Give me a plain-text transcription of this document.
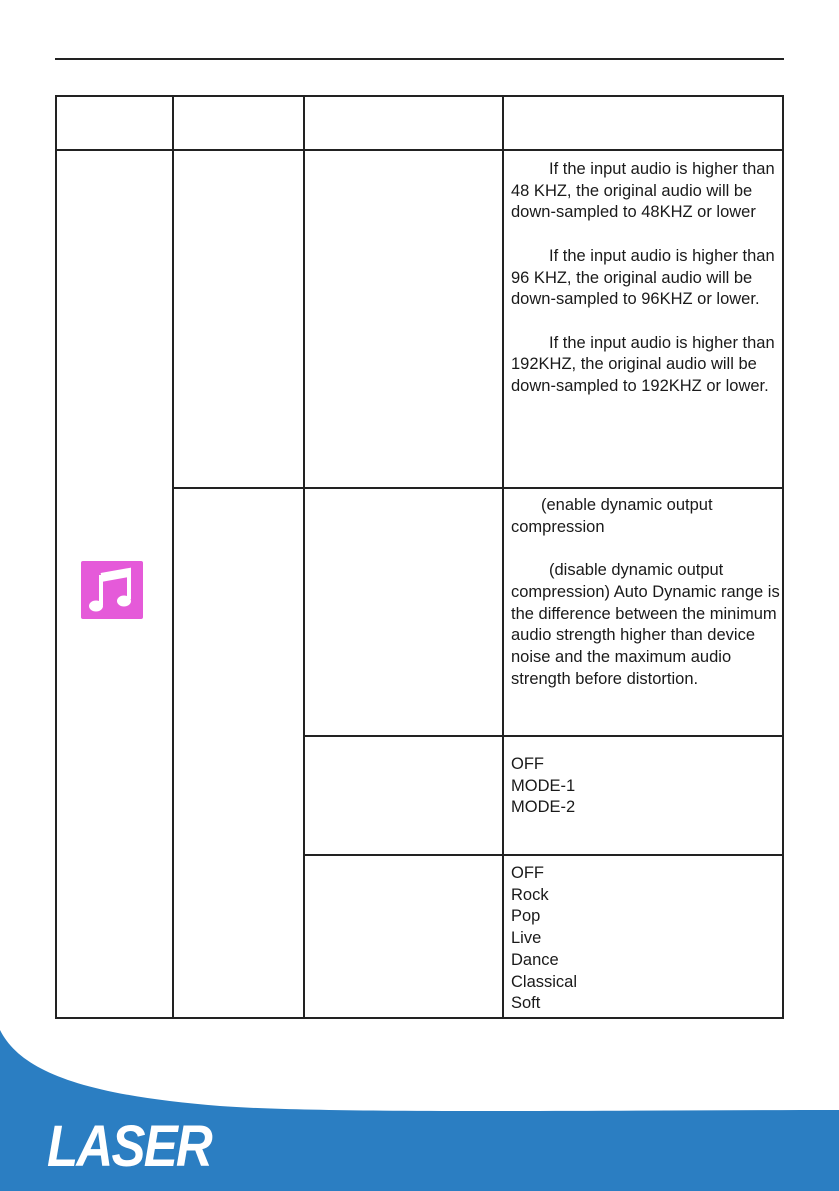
If the input audio is higher than 48 KHZ, the original audio will be down-sampled to 48KHZ or lower

If the input audio is higher than 96 KHZ, the original audio will be down-sampled to 96KHZ or lower.

If the input audio is higher than 192KHZ, the original audio will be down-sampled to 192KHZ or lower.

(enable dynamic output compression

(disable dynamic output compression) Auto Dynamic range is the difference between the minimum audio strength higher than device noise and the maximum audio strength before distortion.

OFF
MODE-1
MODE-2
OFF
Rock
Pop
Live
Dance
Classical
Soft
LASER
